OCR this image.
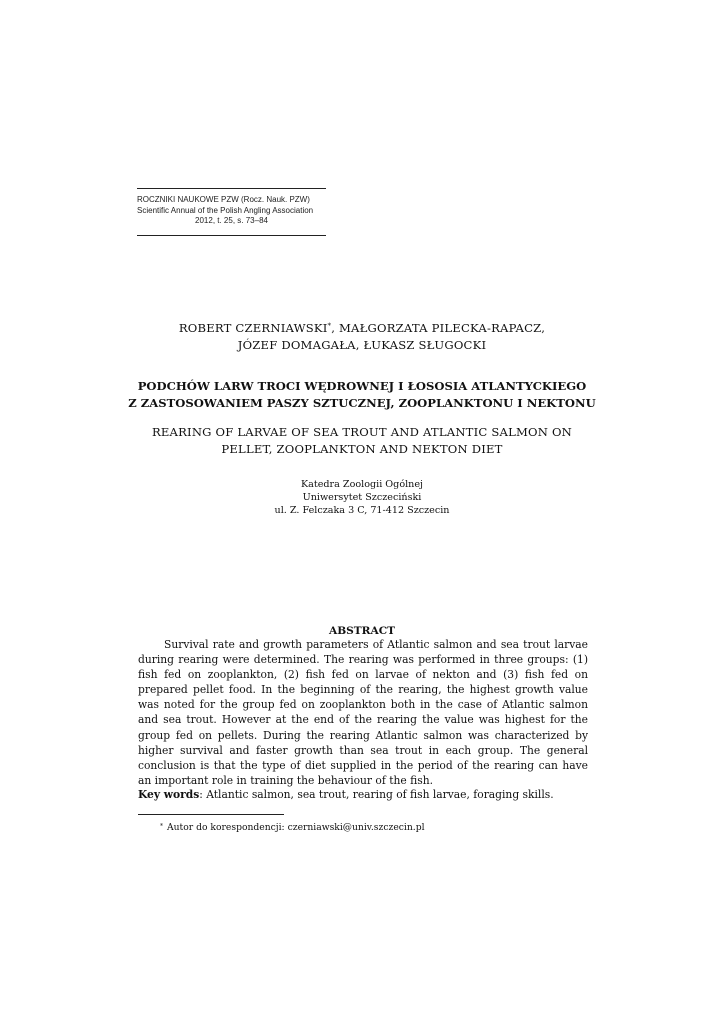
ROCZNIKI NAUKOWE PZW (Rocz. Nauk. PZW)
Scientific Annual of the Polish Angling Association
2012, t. 25, s. 73–84
ROBERT CZERNIAWSKI*, MAŁGORZATA PILECKA-RAPACZ,
JÓZEF DOMAGAŁA, ŁUKASZ SŁUGOCKI
PODCHÓW LARW TROCI WĘDROWNEJ I ŁOSOSIA ATLANTYCKIEGO
Z ZASTOSOWANIEM PASZY SZTUCZNEJ, ZOOPLANKTONU I NEKTONU
REARING OF LARVAE OF SEA TROUT AND ATLANTIC SALMON ON
PELLET, ZOOPLANKTON AND NEKTON DIET
Katedra Zoologii Ogólnej
Uniwersytet Szczeciński
ul. Z. Felczaka 3 C, 71-412 Szczecin
ABSTRACT
Survival rate and growth parameters of Atlantic salmon and sea trout larvae during rearing were determined. The rearing was performed in three groups: (1) fish fed on zooplankton, (2) fish fed on larvae of nekton and (3) fish fed on prepared pellet food. In the beginning of the rearing, the highest growth value was noted for the group fed on zooplankton both in the case of Atlantic salmon and sea trout. However at the end of the rearing the value was highest for the group fed on pellets. During the rearing Atlantic salmon was characterized by higher survival and faster growth than sea trout in each group. The general conclusion is that the type of diet supplied in the period of the rearing can have an important role in training the behaviour of the fish.
Key words: Atlantic salmon, sea trout, rearing of fish larvae, foraging skills.
* Autor do korespondencji: czerniawski@univ.szczecin.pl
